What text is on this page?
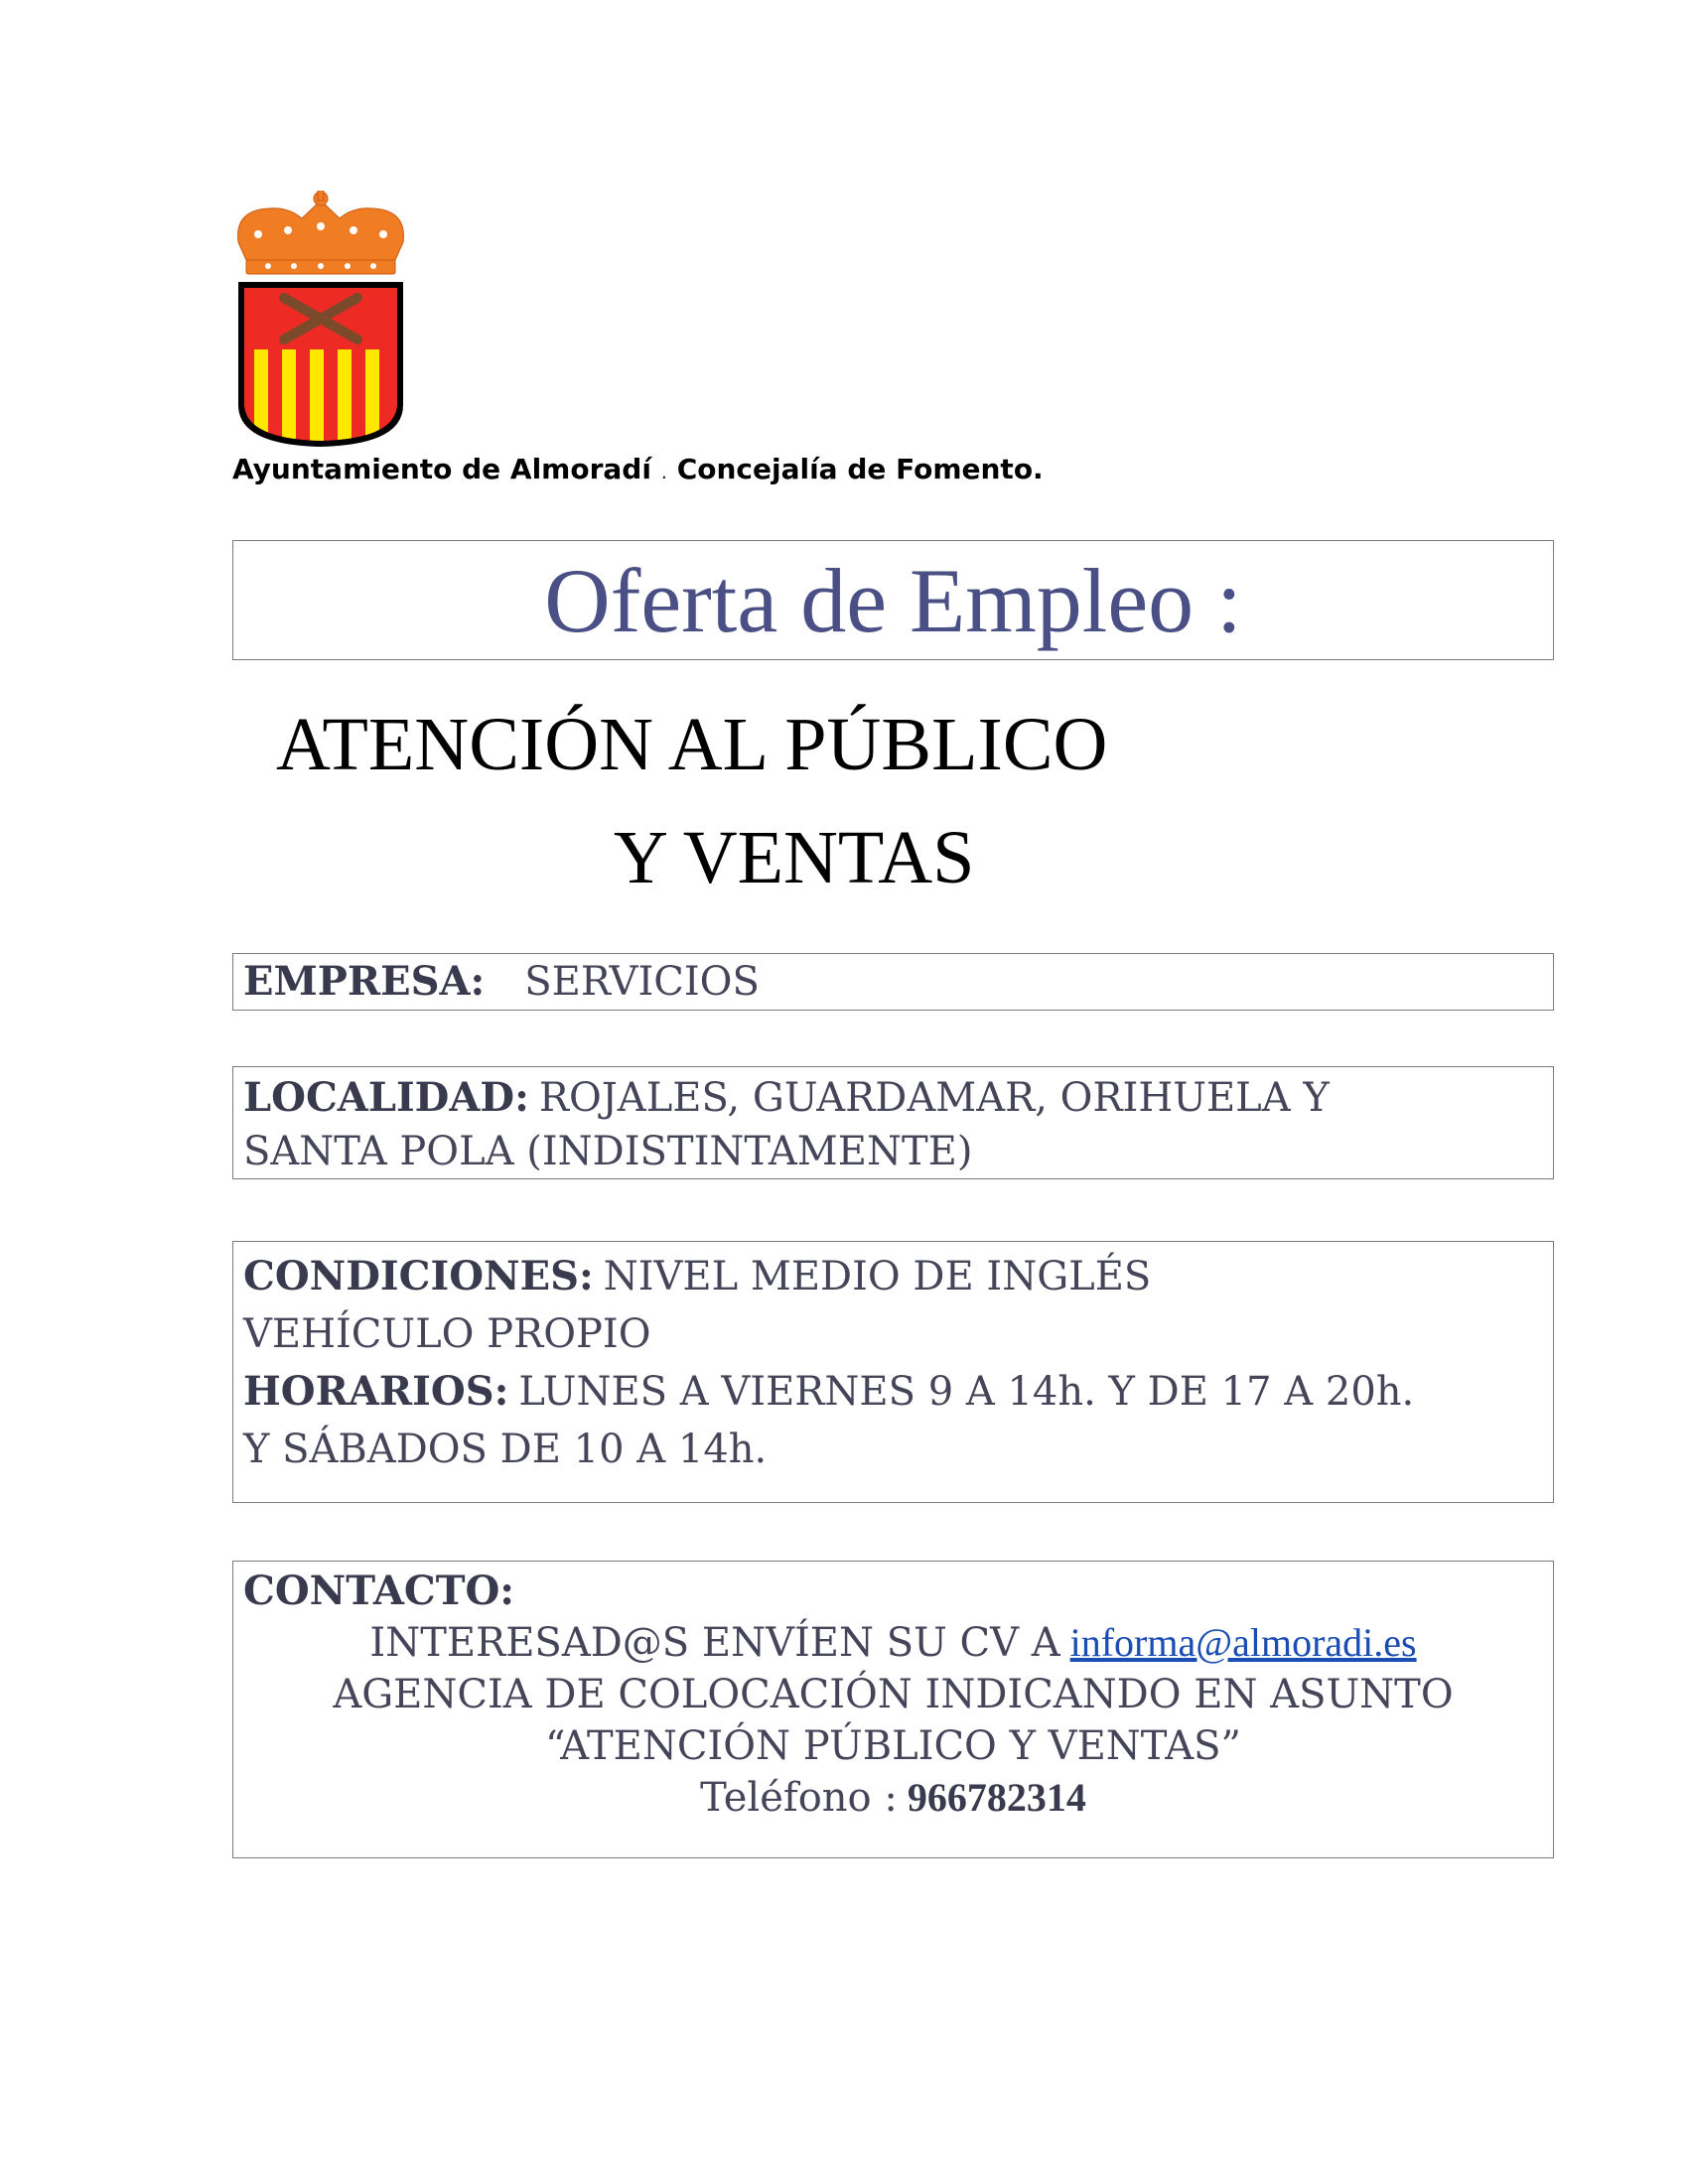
Ayuntamiento de Almoradí . Concejalía de Fomento.
Oferta de Empleo :
ATENCIÓN AL PÚBLICO
Y VENTAS
EMPRESA: SERVICIOS
LOCALIDAD: ROJALES, GUARDAMAR, ORIHUELA Y
SANTA POLA (INDISTINTAMENTE)
CONDICIONES: NIVEL MEDIO DE INGLÉS
VEHÍCULO PROPIO
HORARIOS: LUNES A VIERNES 9 A 14h. Y DE 17 A 20h.
Y SÁBADOS DE 10 A 14h.
CONTACTO:
INTERESAD@S ENVÍEN SU CV A informa@almoradi.es
AGENCIA DE COLOCACIÓN INDICANDO EN ASUNTO
“ATENCIÓN PÚBLICO Y VENTAS”
Teléfono : 966782314
